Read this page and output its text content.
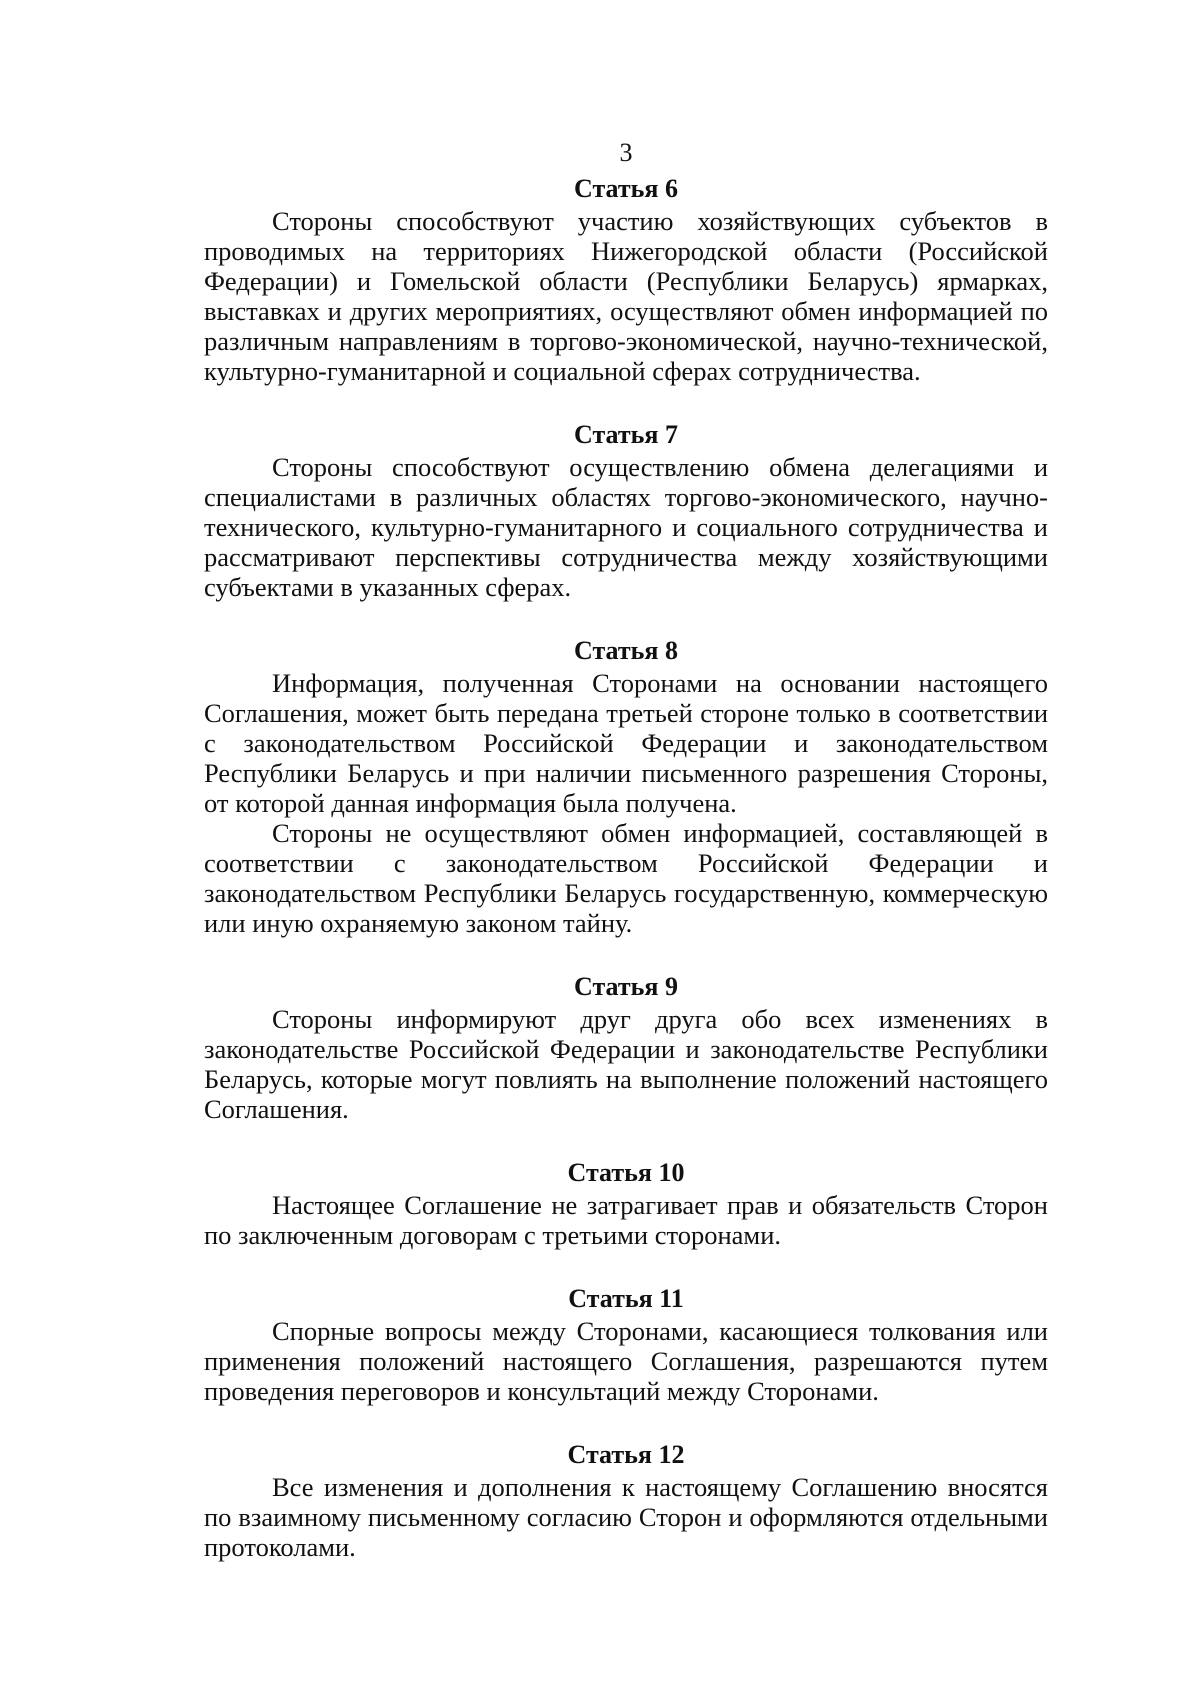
3
Статья 6

Стороны способствуют участию хозяйствующих субъектов в проводимых на территориях Нижегородской области (Российской Федерации) и Гомельской области (Республики Беларусь) ярмарках, выставках и других мероприятиях, осуществляют обмен информацией по различным направлениям в торгово-экономической, научно-технической, культурно-гуманитарной и социальной сферах сотрудничества.

Статья 7

Стороны способствуют осуществлению обмена делегациями и специалистами в различных областях торгово-экономического, научно-технического, культурно-гуманитарного и социального сотрудничества и рассматривают перспективы сотрудничества между хозяйствующими субъектами в указанных сферах.

Статья 8

Информация, полученная Сторонами на основании настоящего Соглашения, может быть передана третьей стороне только в соответствии с законодательством Российской Федерации и законодательством Республики Беларусь и при наличии письменного разрешения Стороны, от которой данная информация была получена.

Стороны не осуществляют обмен информацией, составляющей в соответствии с законодательством Российской Федерации и законодательством Республики Беларусь государственную, коммерческую или иную охраняемую законом тайну.

Статья 9

Стороны информируют друг друга обо всех изменениях в законодательстве Российской Федерации и законодательстве Республики Беларусь, которые могут повлиять на выполнение положений настоящего Соглашения.

Статья 10

Настоящее Соглашение не затрагивает прав и обязательств Сторон по заключенным договорам с третьими сторонами.

Статья 11

Спорные вопросы между Сторонами, касающиеся толкования или применения положений настоящего Соглашения, разрешаются путем проведения переговоров и консультаций между Сторонами.

Статья 12

Все изменения и дополнения к настоящему Соглашению вносятся по взаимному письменному согласию Сторон и оформляются отдельными протоколами.
